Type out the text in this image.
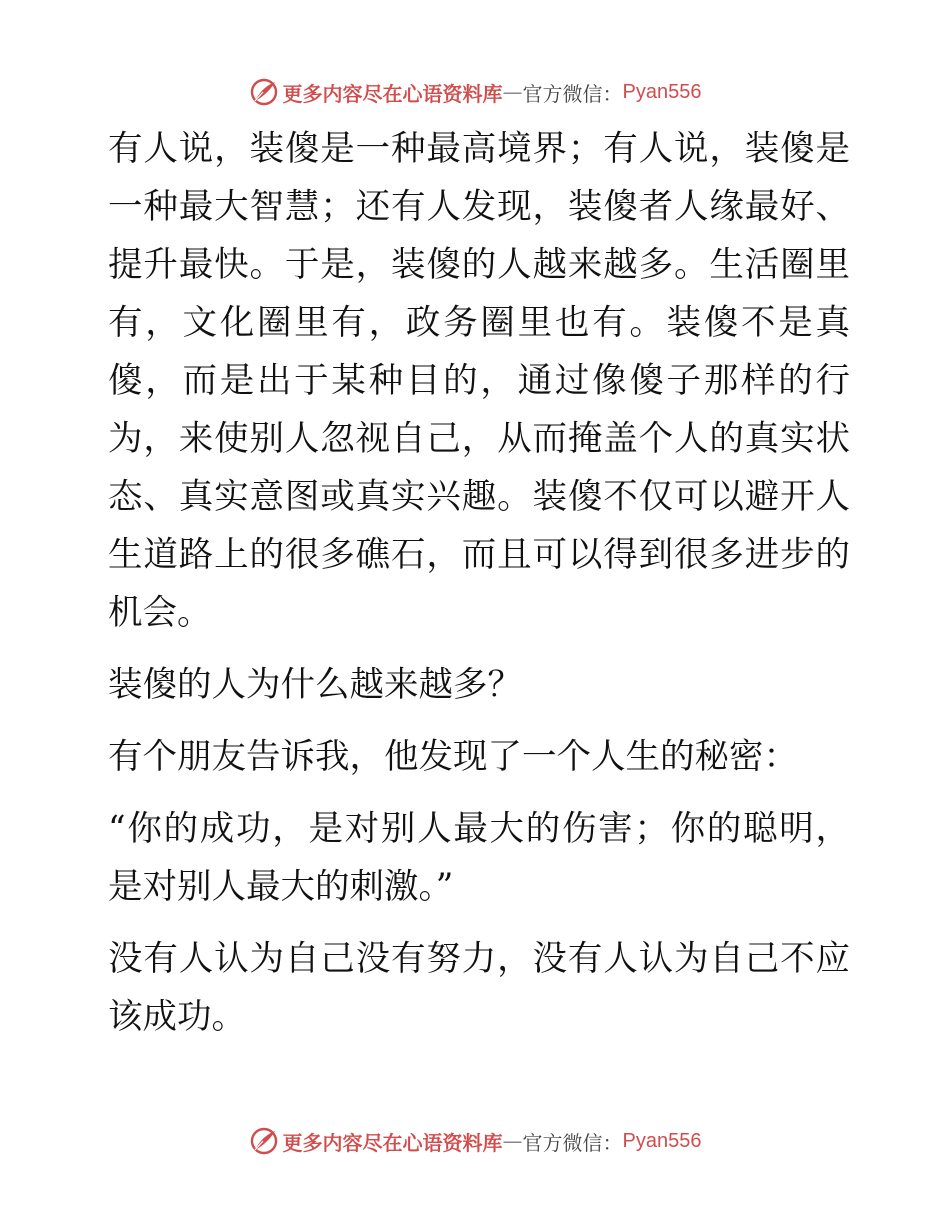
更多内容尽在心语资料库 — 官方微信： Pyan556

有人说，装傻是一种最高境界；有人说，装傻是一种最大智慧；还有人发现，装傻者人缘最好、提升最快。于是，装傻的人越来越多。生活圈里有，文化圈里有，政务圈里也有。装傻不是真傻，而是出于某种目的，通过像傻子那样的行为，来使别人忽视自己，从而掩盖个人的真实状态、真实意图或真实兴趣。装傻不仅可以避开人生道路上的很多礁石，而且可以得到很多进步的机会。

装傻的人为什么越来越多？

有个朋友告诉我，他发现了一个人生的秘密：

“你的成功，是对别人最大的伤害；你的聪明，是对别人最大的刺激。”

没有人认为自己没有努力，没有人认为自己不应该成功。

更多内容尽在心语资料库 — 官方微信： Pyan556
